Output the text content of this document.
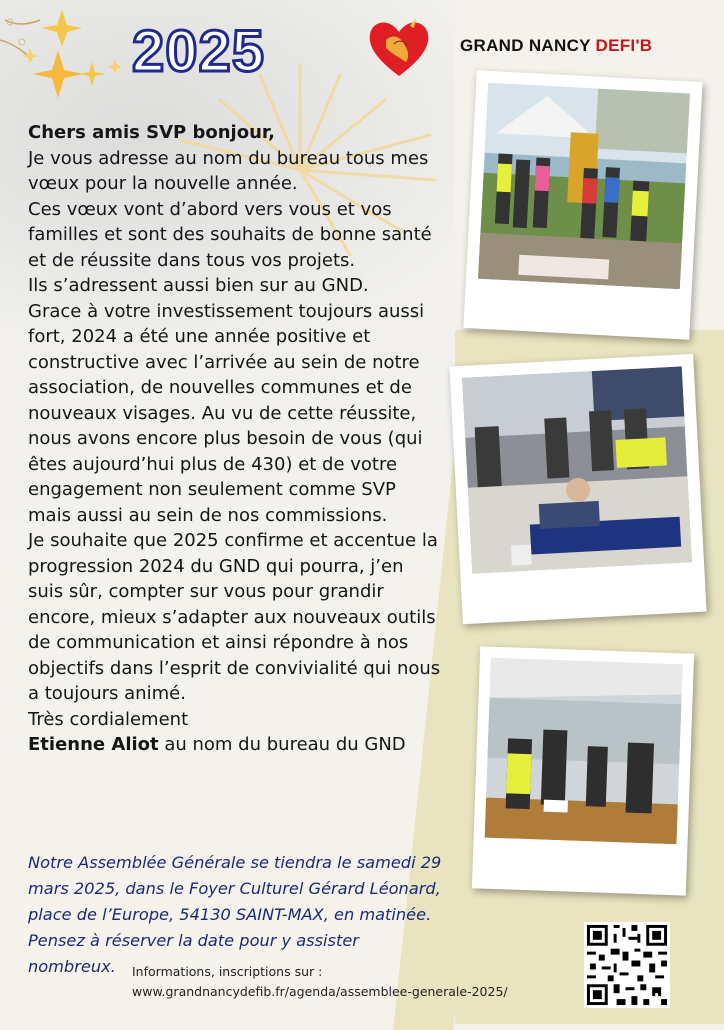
2025	GRAND NANCY DEFI'B

Chers amis SVP bonjour,

Je vous adresse au nom du bureau tous mes

vœux pour la nouvelle année.

Ces vœux vont d’abord vers vous et vos

familles et sont des souhaits de bonne santé

et de réussite dans tous vos projets.

Ils s’adressent aussi bien sur au GND.

Grace à votre investissement toujours aussi

fort, 2024 a été une année positive et

constructive avec l’arrivée au sein de notre

association, de nouvelles communes et de

nouveaux visages. Au vu de cette réussite,

nous avons encore plus besoin de vous (qui

êtes aujourd’hui plus de 430) et de votre

engagement non seulement comme SVP

mais aussi au sein de nos commissions.

Je souhaite que 2025 confirme et accentue la

progression 2024 du GND qui pourra, j’en

suis sûr, compter sur vous pour grandir

encore, mieux s’adapter aux nouveaux outils

de communication et ainsi répondre à nos

objectifs dans l’esprit de convivialité qui nous

a toujours animé.

Très cordialement

Etienne Aliot au nom du bureau du GND

Notre Assemblée Générale se tiendra le samedi 29

mars 2025, dans le Foyer Culturel Gérard Léonard,

place de l’Europe, 54130 SAINT-MAX, en matinée.

Pensez à réserver la date pour y assister

nombreux.	Informations, inscriptions sur :
www.grandnancydefib.fr/agenda/assemblee-generale-2025/
